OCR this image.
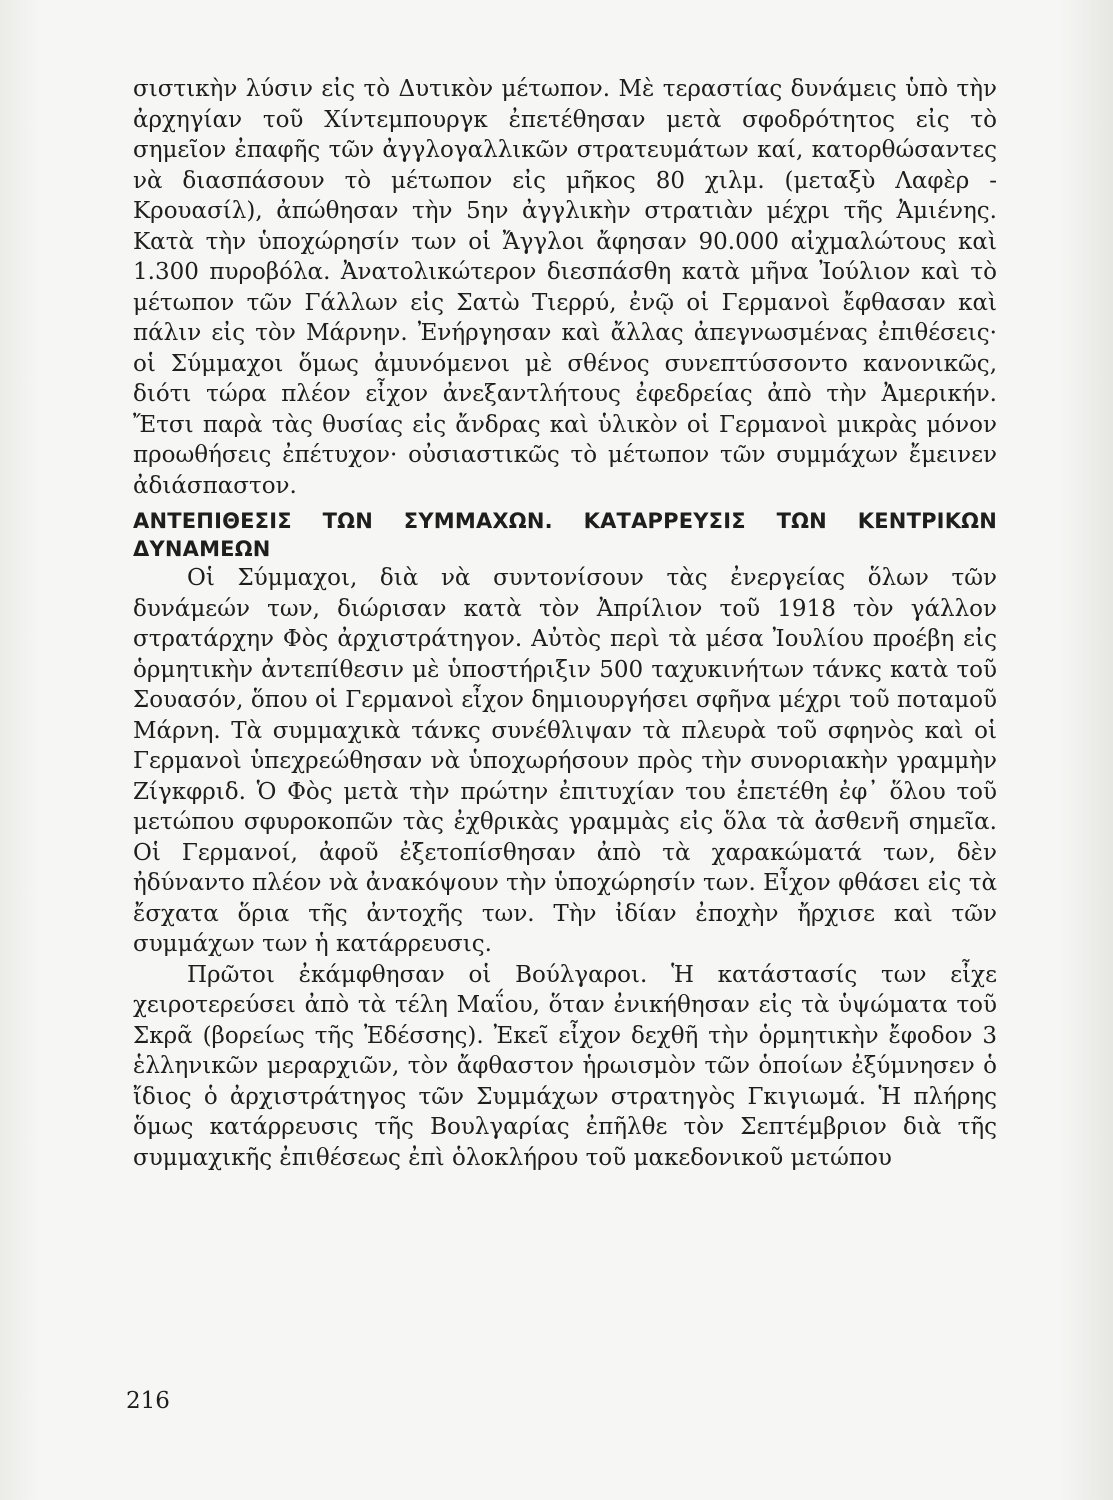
σιστικὴν λύσιν εἰς τὸ Δυτικὸν μέτωπον. Μὲ τεραστίας δυνάμεις ὑπὸ τὴν ἀρχηγίαν τοῦ Χίντεμπουργκ ἐπετέθησαν μετὰ σφοδρότητος εἰς τὸ σημεῖον ἐπαφῆς τῶν ἀγγλογαλλικῶν στρατευμάτων καί, κατορθώσαντες νὰ διασπάσουν τὸ μέτωπον εἰς μῆκος 80 χιλμ. (μεταξὺ Λαφὲρ - Κρουασίλ), ἀπώθησαν τὴν 5ην ἀγγλικὴν στρατιὰν μέχρι τῆς Ἀμιένης. Κατὰ τὴν ὑποχώρησίν των οἱ Ἄγγλοι ἄφησαν 90.000 αἰχμαλώτους καὶ 1.300 πυροβόλα. Ἀνατολικώτερον διεσπάσθη κατὰ μῆνα Ἰούλιον καὶ τὸ μέτωπον τῶν Γάλλων εἰς Σατὼ Τιερρύ, ἐνῷ οἱ Γερμανοὶ ἔφθασαν καὶ πάλιν εἰς τὸν Μάρνην. Ἐνήργησαν καὶ ἄλλας ἀπεγνωσμένας ἐπιθέσεις· οἱ Σύμμαχοι ὅμως ἀμυνόμενοι μὲ σθένος συνεπτύσσοντο κανονικῶς, διότι τώρα πλέον εἶχον ἀνεξαντλήτους ἐφεδρείας ἀπὸ τὴν Ἀμερικήν. Ἔτσι παρὰ τὰς θυσίας εἰς ἄνδρας καὶ ὑλικὸν οἱ Γερμανοὶ μικρὰς μόνον προωθήσεις ἐπέτυχον· οὐσιαστικῶς τὸ μέτωπον τῶν συμμάχων ἔμεινεν ἀδιάσπαστον.

ΑΝΤΕΠΙΘΕΣΙΣ ΤΩΝ ΣΥΜΜΑΧΩΝ. ΚΑΤΑΡΡΕΥΣΙΣ ΤΩΝ ΚΕΝΤΡΙΚΩΝ ΔΥΝΑΜΕΩΝ

Οἱ Σύμμαχοι, διὰ νὰ συντονίσουν τὰς ἐνεργείας ὅλων τῶν δυνάμεών των, διώρισαν κατὰ τὸν Ἀπρίλιον τοῦ 1918 τὸν γάλλον στρατάρχην Φὸς ἀρχιστράτηγον. Αὐτὸς περὶ τὰ μέσα Ἰουλίου προέβη εἰς ὁρμητικὴν ἀντεπίθεσιν μὲ ὑποστήριξιν 500 ταχυκινήτων τάνκς κατὰ τοῦ Σουασόν, ὅπου οἱ Γερμανοὶ εἶχον δημιουργήσει σφῆνα μέχρι τοῦ ποταμοῦ Μάρνη. Τὰ συμμαχικὰ τάνκς συνέθλιψαν τὰ πλευρὰ τοῦ σφηνὸς καὶ οἱ Γερμανοὶ ὑπεχρεώθησαν νὰ ὑποχωρήσουν πρὸς τὴν συνοριακὴν γραμμὴν Ζίγκφριδ. Ὁ Φὸς μετὰ τὴν πρώτην ἐπιτυχίαν του ἐπετέθη ἐφ᾽ ὅλου τοῦ μετώπου σφυροκοπῶν τὰς ἐχθρικὰς γραμμὰς εἰς ὅλα τὰ ἀσθενῆ σημεῖα. Οἱ Γερμανοί, ἀφοῦ ἐξετοπίσθησαν ἀπὸ τὰ χαρακώματά των, δὲν ἠδύναντο πλέον νὰ ἀνακόψουν τὴν ὑποχώρησίν των. Εἶχον φθάσει εἰς τὰ ἔσχατα ὅρια τῆς ἀντοχῆς των. Τὴν ἰδίαν ἐποχὴν ἤρχισε καὶ τῶν συμμάχων των ἡ κατάρρευσις.

Πρῶτοι ἐκάμφθησαν οἱ Βούλγαροι. Ἡ κατάστασίς των εἶχε χειροτερεύσει ἀπὸ τὰ τέλη Μαΐου, ὅταν ἐνικήθησαν εἰς τὰ ὑψώματα τοῦ Σκρᾶ (βορείως τῆς Ἐδέσσης). Ἐκεῖ εἶχον δεχθῆ τὴν ὁρμητικὴν ἔφοδον 3 ἑλληνικῶν μεραρχιῶν, τὸν ἄφθαστον ἡρωισμὸν τῶν ὁποίων ἐξύμνησεν ὁ ἴδιος ὁ ἀρχιστράτηγος τῶν Συμμάχων στρατηγὸς Γκιγιωμά. Ἡ πλήρης ὅμως κατάρρευσις τῆς Βουλγαρίας ἐπῆλθε τὸν Σεπτέμβριον διὰ τῆς συμμαχικῆς ἐπιθέσεως ἐπὶ ὁλοκλήρου τοῦ μακεδονικοῦ μετώπου

216
